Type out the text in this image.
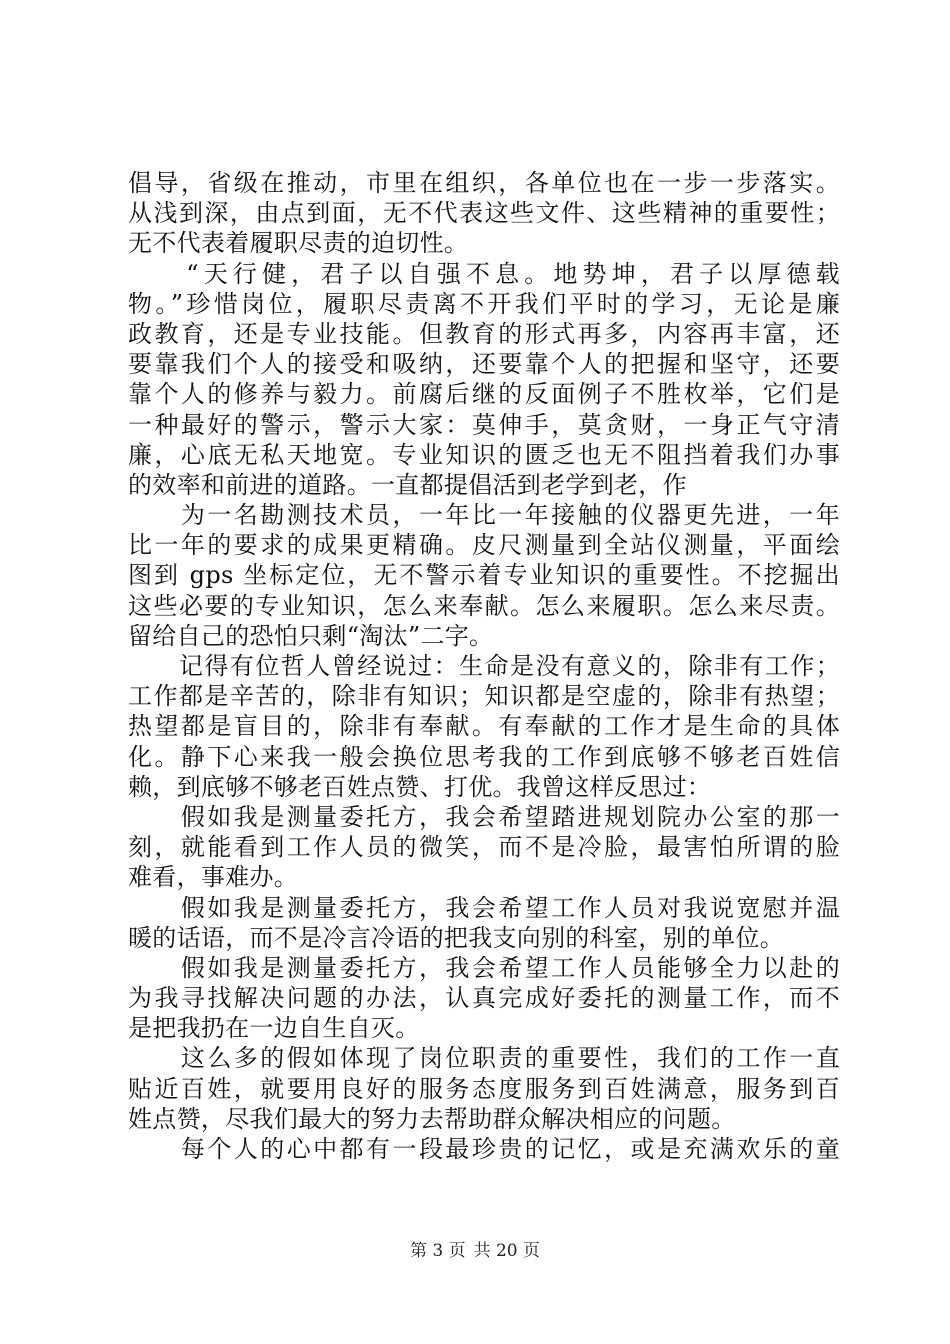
倡导，省级在推动，市里在组织，各单位也在一步一步落实。
从浅到深，由点到面，无不代表这些文件、这些精神的重要性；
无不代表着履职尽责的迫切性。
　　“天行健，君子以自强不息。地势坤，君子以厚德载
物。”珍惜岗位，履职尽责离不开我们平时的学习，无论是廉
政教育，还是专业技能。但教育的形式再多，内容再丰富，还
要靠我们个人的接受和吸纳，还要靠个人的把握和坚守，还要
靠个人的修养与毅力。前腐后继的反面例子不胜枚举，它们是
一种最好的警示，警示大家：莫伸手，莫贪财，一身正气守清
廉，心底无私天地宽。专业知识的匮乏也无不阻挡着我们办事
的效率和前进的道路。一直都提倡活到老学到老，作
　　为一名勘测技术员，一年比一年接触的仪器更先进，一年
比一年的要求的成果更精确。皮尺测量到全站仪测量，平面绘
图到 gps 坐标定位，无不警示着专业知识的重要性。不挖掘出
这些必要的专业知识，怎么来奉献。怎么来履职。怎么来尽责。
留给自己的恐怕只剩“淘汰”二字。
　　记得有位哲人曾经说过：生命是没有意义的，除非有工作；
工作都是辛苦的，除非有知识；知识都是空虚的，除非有热望；
热望都是盲目的，除非有奉献。有奉献的工作才是生命的具体
化。静下心来我一般会换位思考我的工作到底够不够老百姓信
赖，到底够不够老百姓点赞、打优。我曾这样反思过：
　　假如我是测量委托方，我会希望踏进规划院办公室的那一
刻，就能看到工作人员的微笑，而不是冷脸，最害怕所谓的脸
难看，事难办。
　　假如我是测量委托方，我会希望工作人员对我说宽慰并温
暖的话语，而不是冷言冷语的把我支向别的科室，别的单位。
　　假如我是测量委托方，我会希望工作人员能够全力以赴的
为我寻找解决问题的办法，认真完成好委托的测量工作，而不
是把我扔在一边自生自灭。
　　这么多的假如体现了岗位职责的重要性，我们的工作一直
贴近百姓，就要用良好的服务态度服务到百姓满意，服务到百
姓点赞，尽我们最大的努力去帮助群众解决相应的问题。
　　每个人的心中都有一段最珍贵的记忆，或是充满欢乐的童
第 3 页 共 20 页
